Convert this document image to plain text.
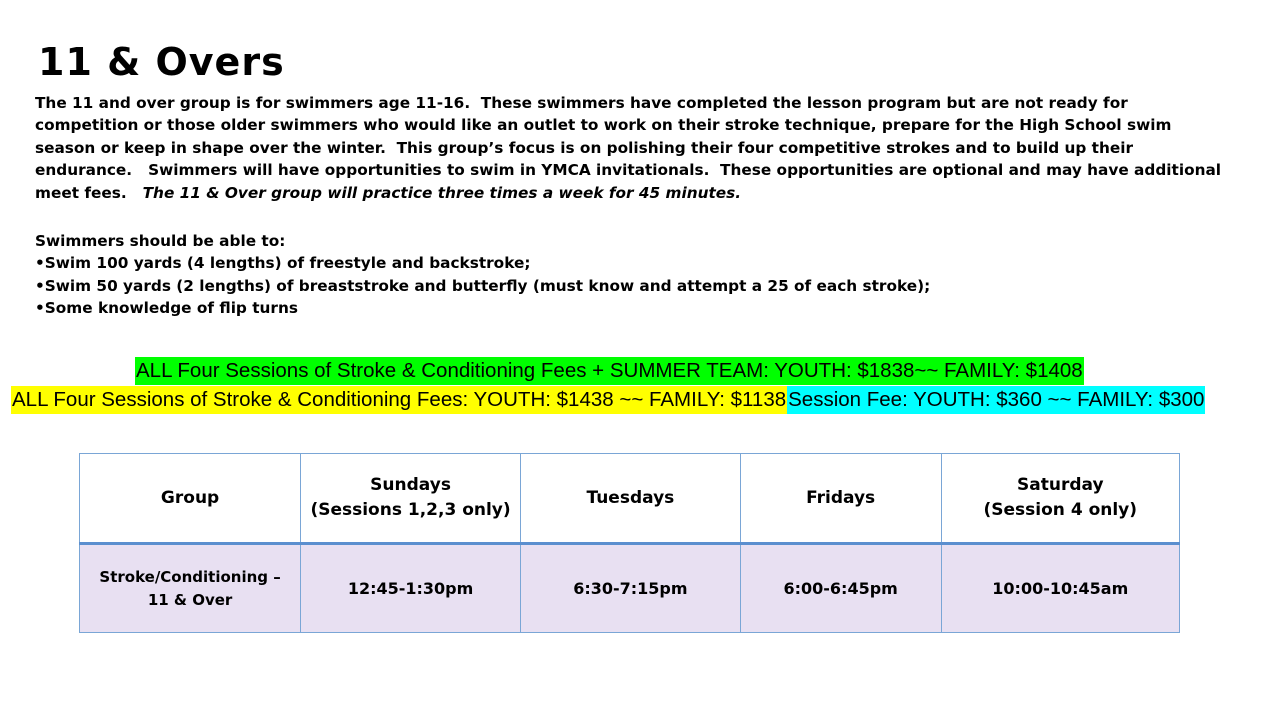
11 & Overs
The 11 and over group is for swimmers age 11-16.  These swimmers have completed the lesson program but are not ready for
competition or those older swimmers who would like an outlet to work on their stroke technique, prepare for the High School swim
season or keep in shape over the winter.  This group’s focus is on polishing their four competitive strokes and to build up their
endurance.   Swimmers will have opportunities to swim in YMCA invitationals.  These opportunities are optional and may have additional
meet fees.   The 11 & Over group will practice three times a week for 45 minutes.
Swimmers should be able to:
•Swim 100 yards (4 lengths) of freestyle and backstroke;
•Swim 50 yards (2 lengths) of breaststroke and butterfly (must know and attempt a 25 of each stroke);
•Some knowledge of flip turns
ALL Four Sessions of Stroke & Conditioning Fees + SUMMER TEAM: YOUTH: $1838~~ FAMILY: $1408
ALL Four Sessions of Stroke & Conditioning Fees: YOUTH: $1438 ~~ FAMILY: $1138Session Fee: YOUTH: $360 ~~ FAMILY: $300
Group	Sundays
(Sessions 1,2,3 only)	Tuesdays	Fridays	Saturday
(Session 4 only)
Stroke/Conditioning –
11 & Over	12:45-1:30pm	6:30-7:15pm	6:00-6:45pm	10:00-10:45am
